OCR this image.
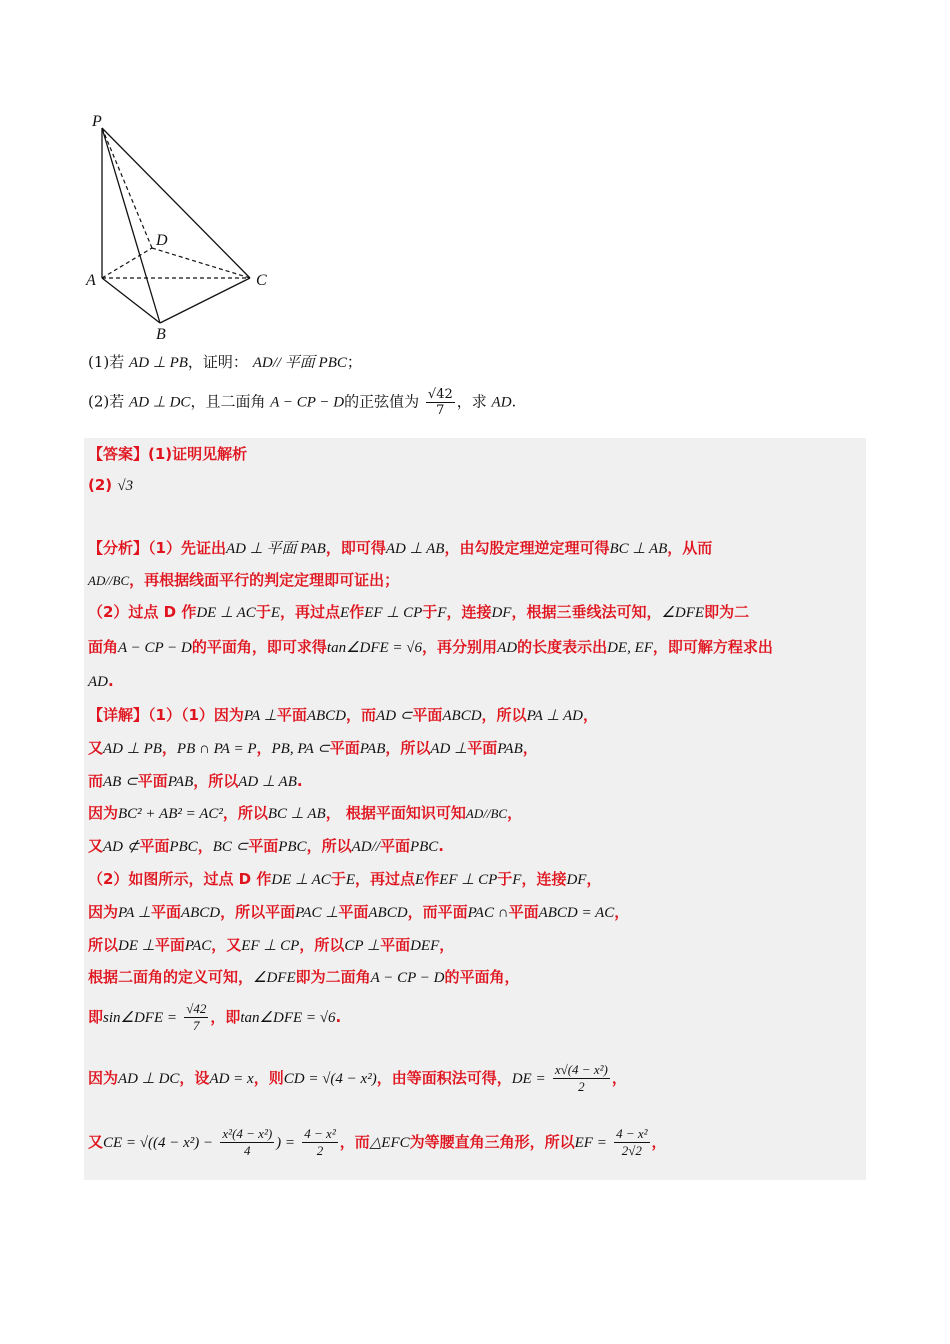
P
D
A	C
B
(1)若 AD ⊥ PB，证明： AD// 平面 PBC；
(2)若 AD ⊥ DC，且二面角 A − CP − D的正弦值为 $\frac{√42}{7}$ ，求 AD.
【答案】(1)证明见解析
(2) √3
【分析】（1）先证出AD ⊥ 平面 PAB，即可得AD ⊥ AB，由勾股定理逆定理可得BC ⊥ AB，从而
AD//BC，再根据线面平行的判定定理即可证出；
（2）过点 D 作DE ⊥ AC于E，再过点E作EF ⊥ CP于F，连接DF，根据三垂线法可知，∠DFE即为二
面角A − CP − D的平面角，即可求得tan∠DFE = √6，再分别用AD的长度表示出DE, EF，即可解方程求出
AD.
【详解】（1）（1）因为PA ⊥平面ABCD，而AD ⊂平面ABCD，所以PA ⊥ AD，
又AD ⊥ PB，PB ∩ PA = P，PB, PA ⊂平面PAB，所以AD ⊥平面PAB，
而AB ⊂平面PAB，所以AD ⊥ AB.
因为BC² + AB² = AC²，所以BC ⊥ AB， 根据平面知识可知AD//BC，
又AD ⊄平面PBC，BC ⊂平面PBC，所以AD//平面PBC.
（2）如图所示，过点 D 作DE ⊥ AC于E，再过点E作EF ⊥ CP于F，连接DF，
因为PA ⊥平面ABCD，所以平面PAC ⊥平面ABCD，而平面PAC ∩平面ABCD = AC，
所以DE ⊥平面PAC，又EF ⊥ CP，所以CP ⊥平面DEF，
根据二面角的定义可知，∠DFE即为二面角A − CP − D的平面角，
即sin∠DFE = $\frac{√42}{7}$ ，即tan∠DFE = √6.
因为AD ⊥ DC，设AD = x，则CD = √(4 − x²)，由等面积法可得，DE = $\frac{\text{x√(4 − x²)}}{2}$ ，
又CE = $√((4 - x^2) - \frac{\text{x²(4 − x²)}}{4}$ ) = $\frac{\text{4 − x²}}{2}$ ，而△EFC为等腰直角三角形，所以EF = $\frac{\text{4 − x²}}{2√2}$ ，
